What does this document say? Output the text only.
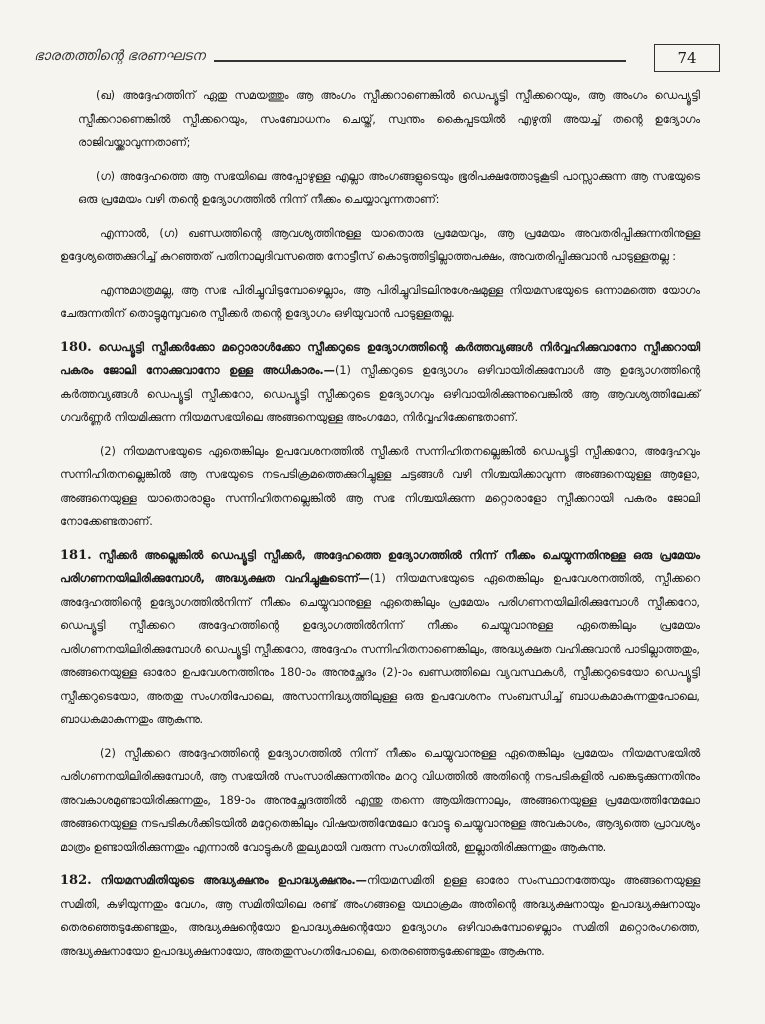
ഭാരതത്തിന്റെ ഭരണഘടന	74

(ഖ) അദ്ദേഹത്തിന് ഏതു സമയത്തും ആ അംഗം സ്പീക്കറാണെങ്കിൽ ഡെപ്യൂട്ടി സ്പീക്കറെയും, ആ അംഗം ഡെപ്യൂട്ടി സ്പീക്കറാണെങ്കിൽ സ്പീക്കറെയും, സംബോധനം ചെയ്ത്, സ്വന്തം കൈപ്പടയിൽ എഴുതി അയച്ച് തന്റെ ഉദ്യോഗം രാജിവയ്ക്കാവുന്നതാണ്;

(ഗ) അദ്ദേഹത്തെ ആ സഭയിലെ അപ്പോഴുള്ള എല്ലാ അംഗങ്ങളുടെയും ഭൂരിപക്ഷത്തോടുകൂടി പാസ്സാക്കുന്ന ആ സഭയുടെ ഒരു പ്രമേയം വഴി തന്റെ ഉദ്യോഗത്തിൽ നിന്ന് നീക്കം ചെയ്യാവുന്നതാണ്:

എന്നാൽ, (ഗ) ഖണ്ഡത്തിന്റെ ആവശ്യത്തിനുള്ള യാതൊരു പ്രമേയവും, ആ പ്രമേയം അവതരിപ്പിക്കുന്നതിനുള്ള ഉദ്ദേശ്യത്തെക്കുറിച്ച് കുറഞ്ഞത് പതിനാലുദിവസത്തെ നോട്ടീസ് കൊടുത്തിട്ടില്ലാത്തപക്ഷം, അവതരിപ്പിക്കുവാൻ പാടുള്ളതല്ല :

എന്നുമാത്രമല്ല, ആ സഭ പിരിച്ചുവിടുമ്പോഴെല്ലാം, ആ പിരിച്ചുവിടലിനുശേഷമുള്ള നിയമസഭയുടെ ഒന്നാമത്തെ യോഗം ചേരുന്നതിന് തൊട്ടുമുമ്പുവരെ സ്പീക്കർ തന്റെ ഉദ്യോഗം ഒഴിയുവാൻ പാടുള്ളതല്ല.

180. ഡെപ്യൂട്ടി സ്പീക്കർക്കോ മറ്റൊരാൾക്കോ സ്പീക്കറുടെ ഉദ്യോഗത്തിന്റെ കർത്തവ്യങ്ങൾ നിർവ്വഹിക്കുവാനോ സ്പീക്കറായി പകരം ജോലി നോക്കുവാനോ ഉള്ള അധികാരം.—(1) സ്പീക്കറുടെ ഉദ്യോഗം ഒഴിവായിരിക്കുമ്പോൾ ആ ഉദ്യോഗത്തിന്റെ കർത്തവ്യങ്ങൾ ഡെപ്യൂട്ടി സ്പീക്കറോ, ഡെപ്യൂട്ടി സ്പീക്കറുടെ ഉദ്യോഗവും ഒഴിവായിരിക്കുന്നുവെങ്കിൽ ആ ആവശ്യത്തിലേക്ക് ഗവർണ്ണർ നിയമിക്കുന്ന നിയമസഭയിലെ അങ്ങനെയുള്ള അംഗമോ, നിർവ്വഹിക്കേണ്ടതാണ്.

(2) നിയമസഭയുടെ ഏതെങ്കിലും ഉപവേശനത്തിൽ സ്പീക്കർ സന്നിഹിതനല്ലെങ്കിൽ ഡെപ്യൂട്ടി സ്പീക്കറോ, അദ്ദേഹവും സന്നിഹിതനല്ലെങ്കിൽ ആ സഭയുടെ നടപടിക്രമത്തെക്കുറിച്ചുള്ള ചട്ടങ്ങൾ വഴി നിശ്ചയിക്കാവുന്ന അങ്ങനെയുള്ള ആളോ, അങ്ങനെയുള്ള യാതൊരാളും സന്നിഹിതനല്ലെങ്കിൽ ആ സഭ നിശ്ചയിക്കുന്ന മറ്റൊരാളോ സ്പീക്കറായി പകരം ജോലി നോക്കേണ്ടതാണ്.

181. സ്പീക്കർ അല്ലെങ്കിൽ ഡെപ്യൂട്ടി സ്പീക്കർ, അദ്ദേഹത്തെ ഉദ്യോഗത്തിൽ നിന്ന് നീക്കം ചെയ്യുന്നതിനുള്ള ഒരു പ്രമേയം പരിഗണനയിലിരിക്കുമ്പോൾ, അദ്ധ്യക്ഷത വഹിച്ചുകൂടെന്ന്—(1) നിയമസഭയുടെ ഏതെങ്കിലും ഉപവേശനത്തിൽ, സ്പീക്കറെ അദ്ദേഹത്തിന്റെ ഉദ്യോഗത്തിൽനിന്ന് നീക്കം ചെയ്യുവാനുള്ള ഏതെങ്കിലും പ്രമേയം പരിഗണനയിലിരിക്കുമ്പോൾ സ്പീക്കറോ, ഡെപ്യൂട്ടി സ്പീക്കറെ അദ്ദേഹത്തിന്റെ ഉദ്യോഗത്തിൽനിന്ന് നീക്കം ചെയ്യുവാനുള്ള ഏതെങ്കിലും പ്രമേയം പരിഗണനയിലിരിക്കുമ്പോൾ ഡെപ്യൂട്ടി സ്പീക്കറോ, അദ്ദേഹം സന്നിഹിതനാണെങ്കിലും, അദ്ധ്യക്ഷത വഹിക്കുവാൻ പാടില്ലാത്തതും, അങ്ങനെയുള്ള ഓരോ ഉപവേശനത്തിനും 180-ാം അനുച്ഛേദം (2)-ാം ഖണ്ഡത്തിലെ വ്യവസ്ഥകൾ, സ്പീക്കറുടെയോ ഡെപ്യൂട്ടി സ്പീക്കറുടെയോ, അതതു സംഗതിപോലെ, അസാന്നിദ്ധ്യത്തിലുള്ള ഒരു ഉപവേശനം സംബന്ധിച്ച് ബാധകമാകുന്നതുപോലെ, ബാധകമാകുന്നതും ആകുന്നു.

(2) സ്പീക്കറെ അദ്ദേഹത്തിന്റെ ഉദ്യോഗത്തിൽ നിന്ന് നീക്കം ചെയ്യുവാനുള്ള ഏതെങ്കിലും പ്രമേയം നിയമസഭയിൽ പരിഗണനയിലിരിക്കുമ്പോൾ, ആ സഭയിൽ സംസാരിക്കുന്നതിനും മററു വിധത്തിൽ അതിന്റെ നടപടികളിൽ പങ്കെടുക്കുന്നതിനും അവകാശമുണ്ടായിരിക്കുന്നതും, 189-ാം അനുച്ഛേദത്തിൽ എന്തു തന്നെ ആയിരുന്നാലും, അങ്ങനെയുള്ള പ്രമേയത്തിന്മേലോ അങ്ങനെയുള്ള നടപടികൾക്കിടയിൽ മറ്റേതെങ്കിലും വിഷയത്തിന്മേലോ വോട്ടു ചെയ്യുവാനുള്ള അവകാശം, ആദ്യത്തെ പ്രാവശ്യം മാത്രം ഉണ്ടായിരിക്കുന്നതും എന്നാൽ വോട്ടുകൾ തുല്യമായി വരുന്ന സംഗതിയിൽ, ഇല്ലാതിരിക്കുന്നതും ആകുന്നു.

182. നിയമസമിതിയുടെ അദ്ധ്യക്ഷനും ഉപാദ്ധ്യക്ഷനും.—നിയമസമിതി ഉള്ള ഓരോ സംസ്ഥാനത്തേയും അങ്ങനെയുള്ള സമിതി, കഴിയുന്നതും വേഗം, ആ സമിതിയിലെ രണ്ട് അംഗങ്ങളെ യഥാക്രമം അതിന്റെ അദ്ധ്യക്ഷനായും ഉപാദ്ധ്യക്ഷനായും തെരഞ്ഞെടുക്കേണ്ടതും, അദ്ധ്യക്ഷന്റെയോ ഉപാദ്ധ്യക്ഷന്റെയോ ഉദ്യോഗം ഒഴിവാകുമ്പോഴെല്ലാം സമിതി മറ്റൊരംഗത്തെ, അദ്ധ്യക്ഷനായോ ഉപാദ്ധ്യക്ഷനായോ, അതതുസംഗതിപോലെ, തെരഞ്ഞെടുക്കേണ്ടതും ആകുന്നു.
